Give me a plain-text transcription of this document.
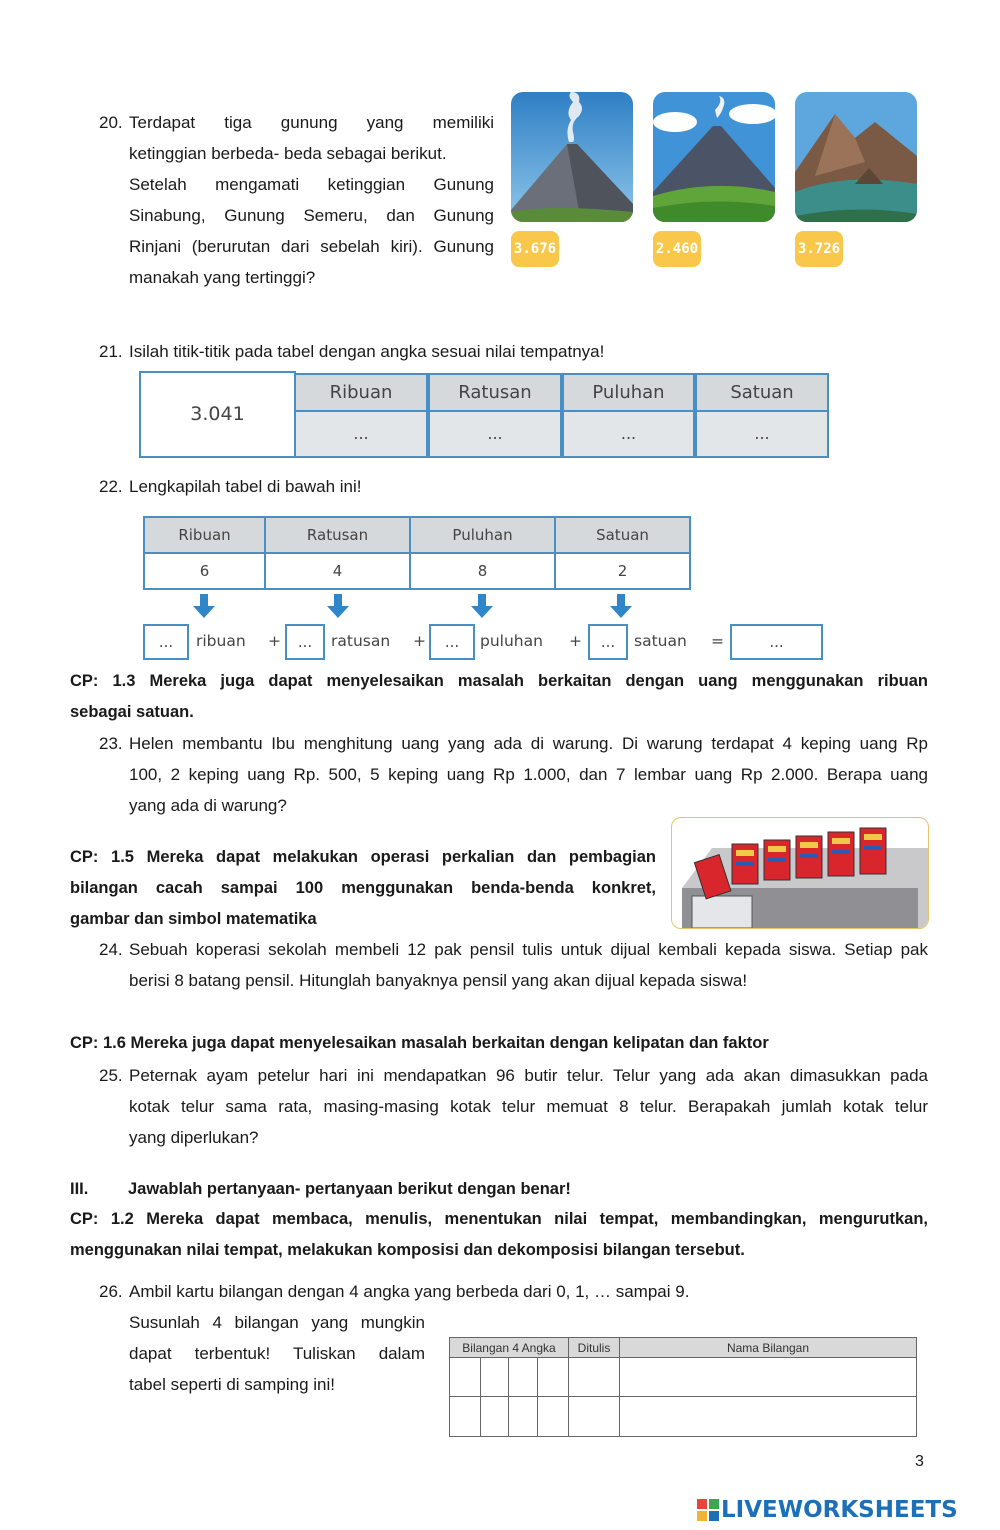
20. Terdapat tiga gunung yang memiliki
ketinggian berbeda- beda sebagai berikut.
Setelah mengamati ketinggian Gunung
Sinabung, Gunung Semeru, dan Gunung
Rinjani (berurutan dari sebelah kiri). Gunung
manakah yang tertinggi?
3.676	2.460	3.726
21. Isilah titik-titik pada tabel dengan angka sesuai nilai tempatnya!
3.041
Ribuan	Ratusan	Puluhan	Satuan
...	...	...	...
22. Lengkapilah tabel di bawah ini!
Ribuan	Ratusan	Puluhan	Satuan
6	4	8	2
...	ribuan +	...	ratusan +	...	puluhan +	...	satuan =	...
CP: 1.3 Mereka juga dapat menyelesaikan masalah berkaitan dengan uang menggunakan ribuan
sebagai satuan.
23. Helen membantu Ibu menghitung uang yang ada di warung. Di warung terdapat 4 keping uang Rp
100, 2 keping uang Rp. 500, 5 keping uang Rp 1.000, dan 7 lembar uang Rp 2.000. Berapa uang
yang ada di warung?
CP: 1.5 Mereka dapat melakukan operasi perkalian dan pembagian
bilangan cacah sampai 100 menggunakan benda-benda konkret,
gambar dan simbol matematika
24. Sebuah koperasi sekolah membeli 12 pak pensil tulis untuk dijual kembali kepada siswa. Setiap pak
berisi 8 batang pensil. Hitunglah banyaknya pensil yang akan dijual kepada siswa!
CP: 1.6 Mereka juga dapat menyelesaikan masalah berkaitan dengan kelipatan dan faktor
25. Peternak ayam petelur hari ini mendapatkan 96 butir telur. Telur yang ada akan dimasukkan pada
kotak telur sama rata, masing-masing kotak telur memuat 8 telur. Berapakah jumlah kotak telur
yang diperlukan?
III. Jawablah pertanyaan- pertanyaan berikut dengan benar!
CP: 1.2 Mereka dapat membaca, menulis, menentukan nilai tempat, membandingkan, mengurutkan,
menggunakan nilai tempat, melakukan komposisi dan dekomposisi bilangan tersebut.
26. Ambil kartu bilangan dengan 4 angka yang berbeda dari 0, 1, … sampai 9.
Susunlah 4 bilangan yang mungkin
dapat terbentuk! Tuliskan dalam
tabel seperti di samping ini!
Bilangan 4 Angka	Ditulis	Nama Bilangan
3
LIVEWORKSHEETS
